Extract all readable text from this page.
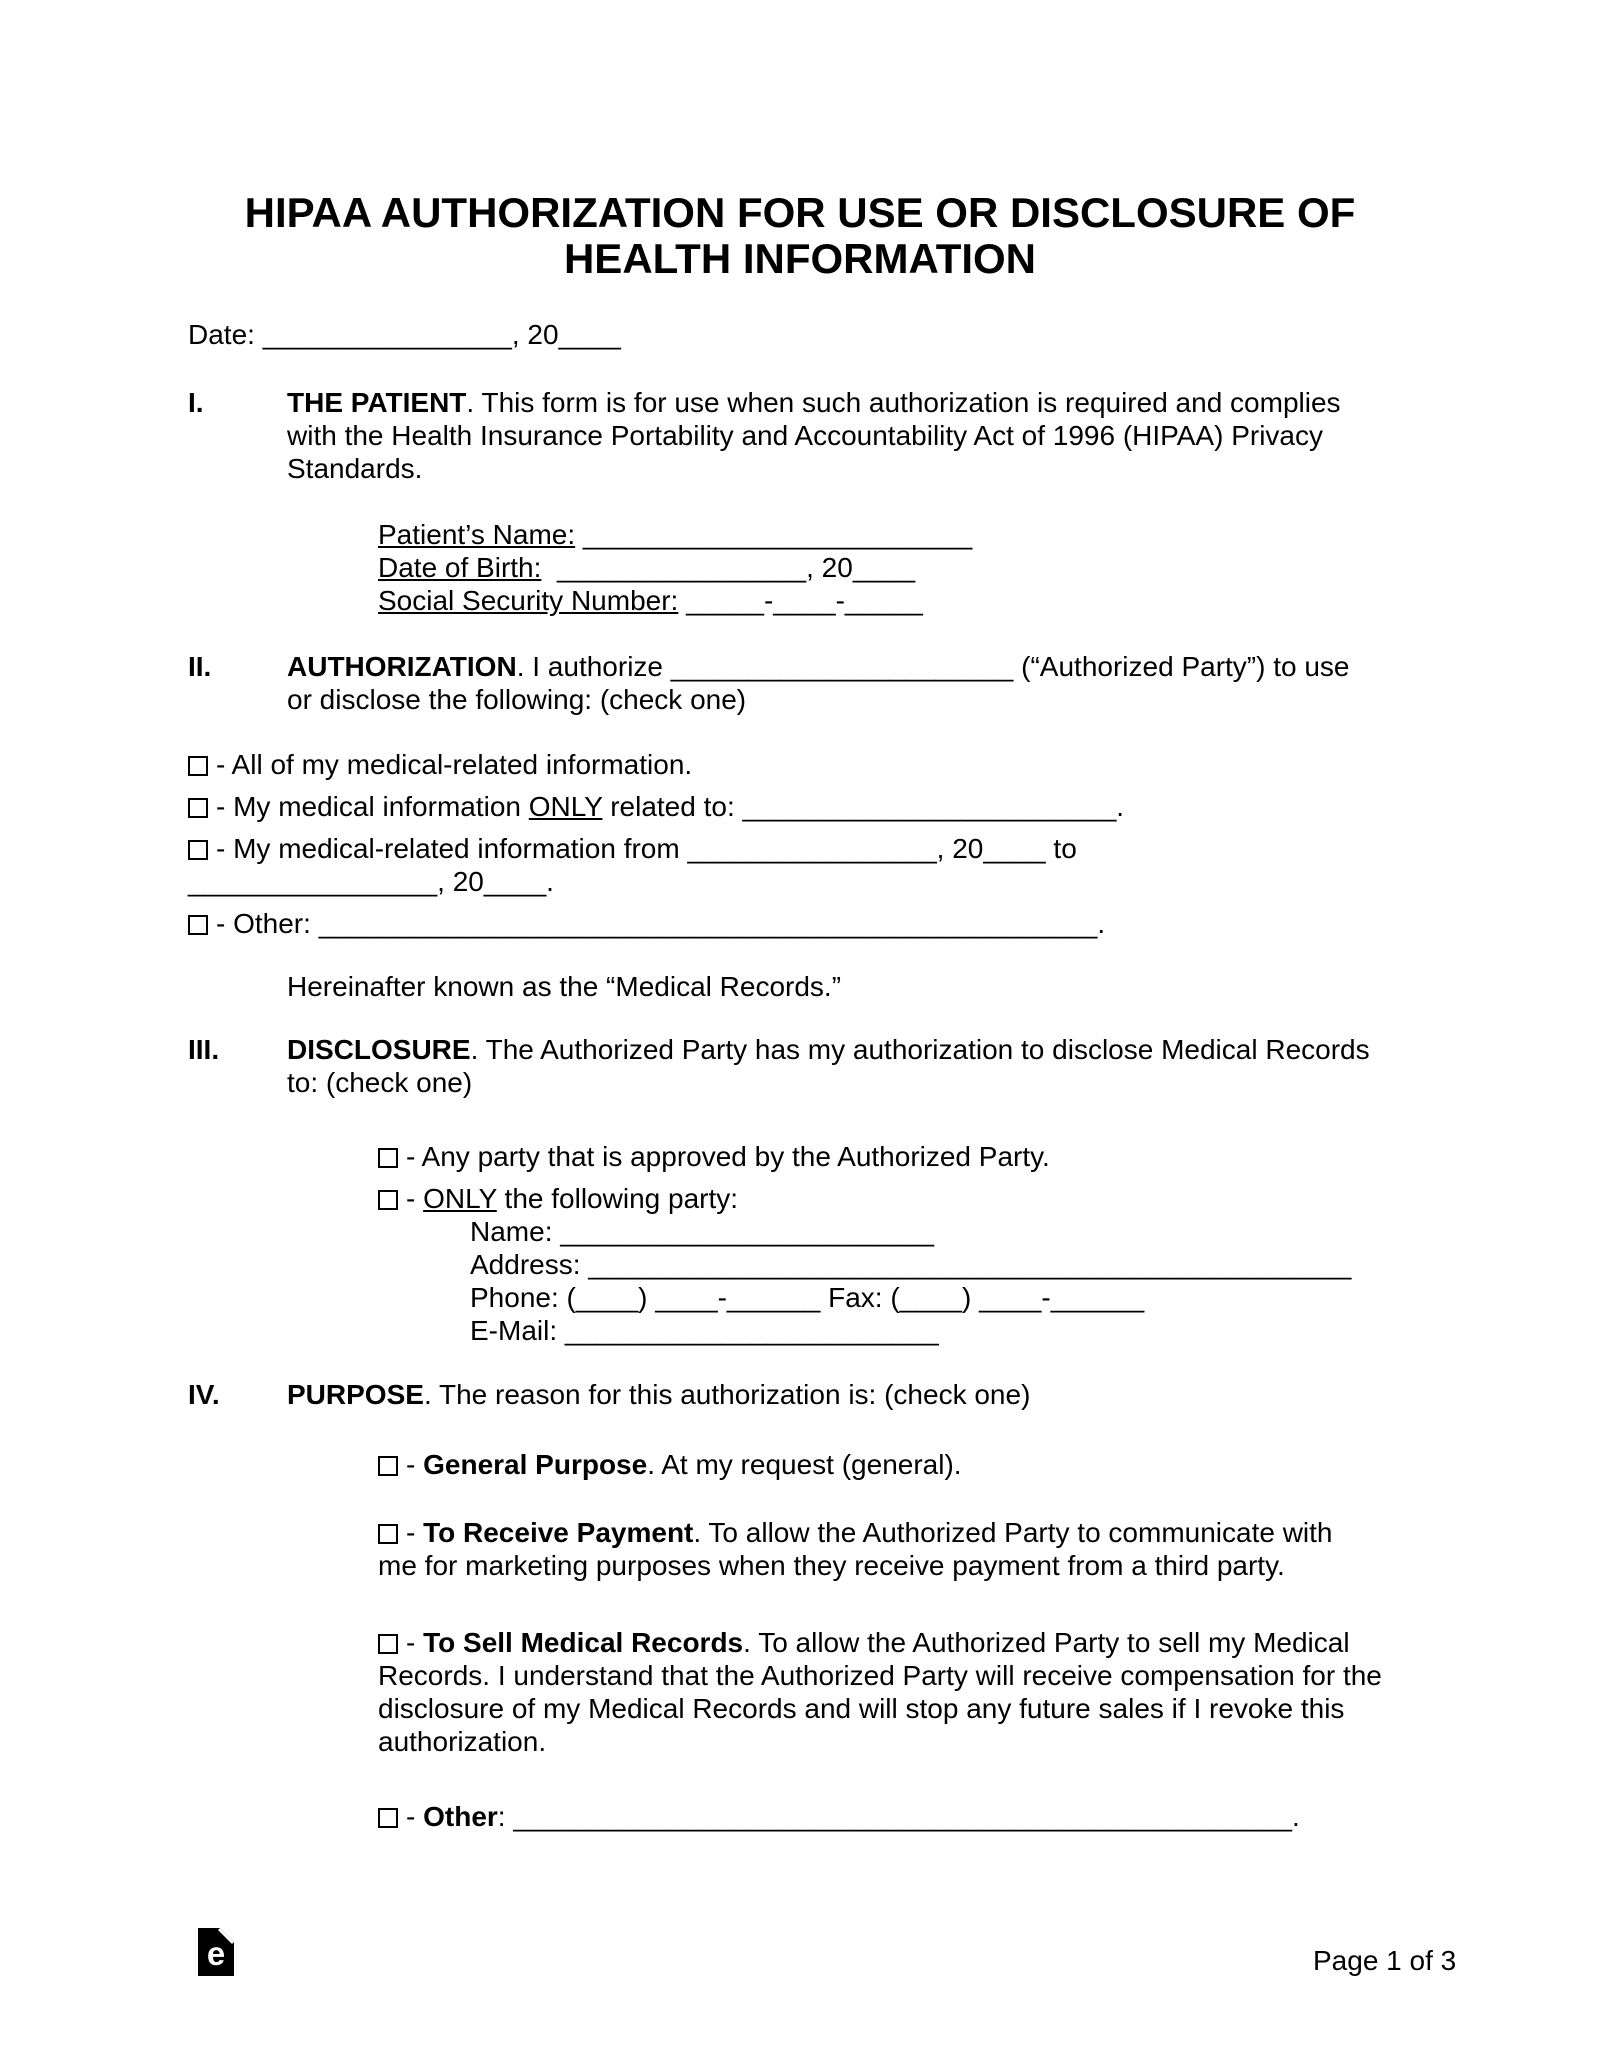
HIPAA AUTHORIZATION FOR USE OR DISCLOSURE OF
HEALTH INFORMATION
Date: ________________, 20____
I.	THE PATIENT. This form is for use when such authorization is required and complies
with the Health Insurance Portability and Accountability Act of 1996 (HIPAA) Privacy
Standards.
Patient’s Name: _________________________
Date of Birth:  ________________, 20____
Social Security Number: _____-____-_____
II.	AUTHORIZATION. I authorize ______________________ (“Authorized Party”) to use
or disclose the following: (check one)
- All of my medical-related information.
- My medical information ONLY related to: ________________________.
- My medical-related information from ________________, 20____ to
________________, 20____.
- Other: __________________________________________________.
Hereinafter known as the “Medical Records.”
III.	DISCLOSURE. The Authorized Party has my authorization to disclose Medical Records
to: (check one)
- Any party that is approved by the Authorized Party.
- ONLY the following party:
Name: ________________________
Address: _________________________________________________
Phone: (____) ____-______ Fax: (____) ____-______
E-Mail: ________________________
IV.	PURPOSE. The reason for this authorization is: (check one)
- General Purpose. At my request (general).
- To Receive Payment. To allow the Authorized Party to communicate with
me for marketing purposes when they receive payment from a third party.
- To Sell Medical Records. To allow the Authorized Party to sell my Medical
Records. I understand that the Authorized Party will receive compensation for the
disclosure of my Medical Records and will stop any future sales if I revoke this
authorization.
- Other: __________________________________________________.
e	Page 1 of 3
